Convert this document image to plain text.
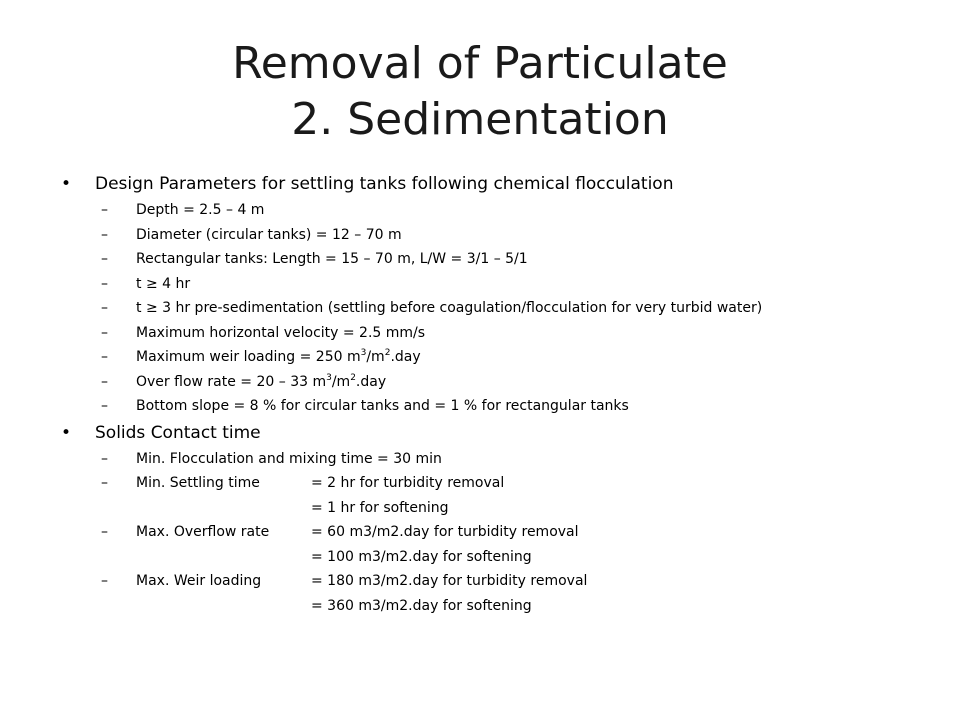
Removal of Particulate
2. Sedimentation
• Design Parameters for settling tanks following chemical flocculation
– Depth = 2.5 – 4 m
– Diameter (circular tanks) = 12 – 70 m
– Rectangular tanks: Length = 15 – 70 m, L/W = 3/1 – 5/1
– t ≥ 4 hr
– t ≥ 3 hr pre-sedimentation (settling before coagulation/flocculation for very turbid water)
– Maximum horizontal velocity = 2.5 mm/s
– Maximum weir loading = 250 $m^3/m^2.day$
– Over flow rate = 20 – 33 $m^3/m^2.day$
– Bottom slope = 8 % for circular tanks and = 1 % for rectangular tanks
• Solids Contact time
– Min. Flocculation and mixing time = 30 min
– Min. Settling time	= 2 hr for turbidity removal
= 1 hr for softening
– Max. Overflow rate	= 60 m3/m2.day for turbidity removal
= 100 m3/m2.day for softening
– Max. Weir loading	= 180 m3/m2.day for turbidity removal
= 360 m3/m2.day for softening
